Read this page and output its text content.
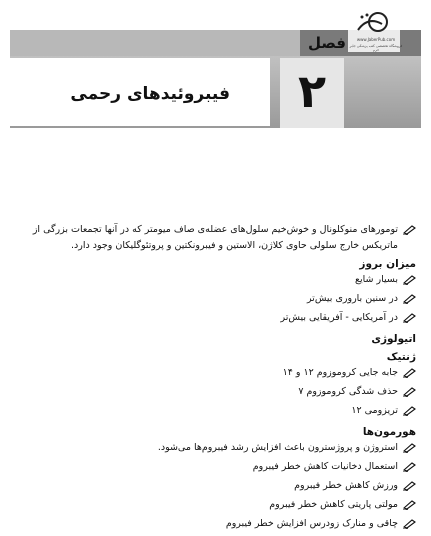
فصل	www.JaberPub.com
فروشگاه تخصصی کتب پزشکی جابر خرم
۲
فیبروئیدهای رحمی
تومورهای منوکلونال و خوش‌خیم سلول‌های عضله‌ی صاف میومتر که در آنها تجمعات بزرگی از ماتریکس خارج سلولی حاوی کلاژن، الاستین و فیبرونکتین و پروتئوگلیکان وجود دارد.
میزان بروز
بسیار شایع
در سنین باروری بیش‌تر
در آمریکایی - آفریقایی بیش‌تر
اتیولوژی
ژنتیک
جابه جایی کروموزوم ۱۲ و ۱۴
حذف شدگی کروموزوم ۷
تریزومی ۱۲
هورمون‌ها
استروژن و پروژسترون باعث افزایش رشد فیبروم‌ها می‌شود.
استعمال دخانیات کاهش خطر فیبروم
ورزش کاهش خطر فیبروم
مولتی پاریتی کاهش خطر فیبروم
چاقی و منارک زودرس افزایش خطر فیبروم
